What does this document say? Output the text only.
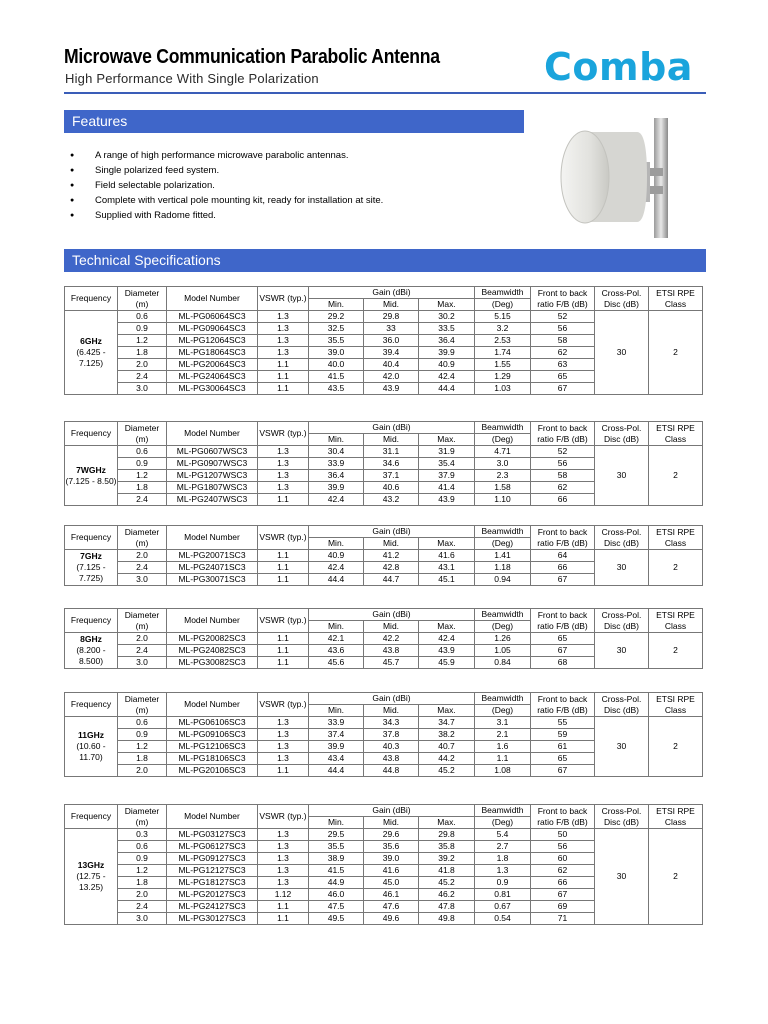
Microwave Communication Parabolic Antenna
High Performance With Single Polarization	Comba
Features
● A range of high performance microwave parabolic antennas.
● Single polarized feed system.
● Field selectable polarization.
● Complete with vertical pole mounting kit, ready for installation at site.
● Supplied with Radome fitted.
Technical Specifications
Frequency	Diameter (m)	Model Number	VSWR (typ.)	Gain (dBi)			Beamwidth	Front to back ratio F/B (dB)	Cross-Pol. Disc (dB)	ETSI RPE Class
				Min.	Mid.	Max.	(Deg)			

6GHz
(6.425 - 7.125)	0.6	ML-PG06064SC3	1.3	29.2	29.8	30.2	5.15	52	30	2
	0.9	ML-PG09064SC3	1.3	32.5	33	33.5	3.2	56		
	1.2	ML-PG12064SC3	1.3	35.5	36.0	36.4	2.53	58		
	1.8	ML-PG18064SC3	1.3	39.0	39.4	39.9	1.74	62		
	2.0	ML-PG20064SC3	1.1	40.0	40.4	40.9	1.55	63		
	2.4	ML-PG24064SC3	1.1	41.5	42.0	42.4	1.29	65		
	3.0	ML-PG30064SC3	1.1	43.5	43.9	44.4	1.03	67		
Frequency	Diameter (m)	Model Number	VSWR (typ.)	Gain (dBi)			Beamwidth	Front to back ratio F/B (dB)	Cross-Pol. Disc (dB)	ETSI RPE Class
				Min.	Mid.	Max.	(Deg)			

7WGHz
(7.125 - 8.50)	0.6	ML-PG0607WSC3	1.3	30.4	31.1	31.9	4.71	52	30	2
	0.9	ML-PG0907WSC3	1.3	33.9	34.6	35.4	3.0	56		
	1.2	ML-PG1207WSC3	1.3	36.4	37.1	37.9	2.3	58		
	1.8	ML-PG1807WSC3	1.3	39.9	40.6	41.4	1.58	62		
	2.4	ML-PG2407WSC3	1.1	42.4	43.2	43.9	1.10	66		
Frequency	Diameter (m)	Model Number	VSWR (typ.)	Gain (dBi)			Beamwidth	Front to back ratio F/B (dB)	Cross-Pol. Disc (dB)	ETSI RPE Class
				Min.	Mid.	Max.	(Deg)			

7GHz
(7.125 - 7.725)	2.0	ML-PG20071SC3	1.1	40.9	41.2	41.6	1.41	64	30	2
	2.4	ML-PG24071SC3	1.1	42.4	42.8	43.1	1.18	66		
	3.0	ML-PG30071SC3	1.1	44.4	44.7	45.1	0.94	67		
Frequency	Diameter (m)	Model Number	VSWR (typ.)	Gain (dBi)			Beamwidth	Front to back ratio F/B (dB)	Cross-Pol. Disc (dB)	ETSI RPE Class
				Min.	Mid.	Max.	(Deg)			

8GHz
(8.200 - 8.500)	2.0	ML-PG20082SC3	1.1	42.1	42.2	42.4	1.26	65	30	2
	2.4	ML-PG24082SC3	1.1	43.6	43.8	43.9	1.05	67		
	3.0	ML-PG30082SC3	1.1	45.6	45.7	45.9	0.84	68		
Frequency	Diameter (m)	Model Number	VSWR (typ.)	Gain (dBi)			Beamwidth	Front to back ratio F/B (dB)	Cross-Pol. Disc (dB)	ETSI RPE Class
				Min.	Mid.	Max.	(Deg)			

11GHz
(10.60 - 11.70)	0.6	ML-PG06106SC3	1.3	33.9	34.3	34.7	3.1	55	30	2
	0.9	ML-PG09106SC3	1.3	37.4	37.8	38.2	2.1	59		
	1.2	ML-PG12106SC3	1.3	39.9	40.3	40.7	1.6	61		
	1.8	ML-PG18106SC3	1.3	43.4	43.8	44.2	1.1	65		
	2.0	ML-PG20106SC3	1.1	44.4	44.8	45.2	1.08	67		
Frequency	Diameter (m)	Model Number	VSWR (typ.)	Gain (dBi)			Beamwidth	Front to back ratio F/B (dB)	Cross-Pol. Disc (dB)	ETSI RPE Class
				Min.	Mid.	Max.	(Deg)			

13GHz
(12.75 - 13.25)	0.3	ML-PG03127SC3	1.3	29.5	29.6	29.8	5.4	50	30	2
	0.6	ML-PG06127SC3	1.3	35.5	35.6	35.8	2.7	56		
	0.9	ML-PG09127SC3	1.3	38.9	39.0	39.2	1.8	60		
	1.2	ML-PG12127SC3	1.3	41.5	41.6	41.8	1.3	62		
	1.8	ML-PG18127SC3	1.3	44.9	45.0	45.2	0.9	66		
	2.0	ML-PG20127SC3	1.12	46.0	46.1	46.2	0.81	67		
	2.4	ML-PG24127SC3	1.1	47.5	47.6	47.8	0.67	69		
	3.0	ML-PG30127SC3	1.1	49.5	49.6	49.8	0.54	71		
